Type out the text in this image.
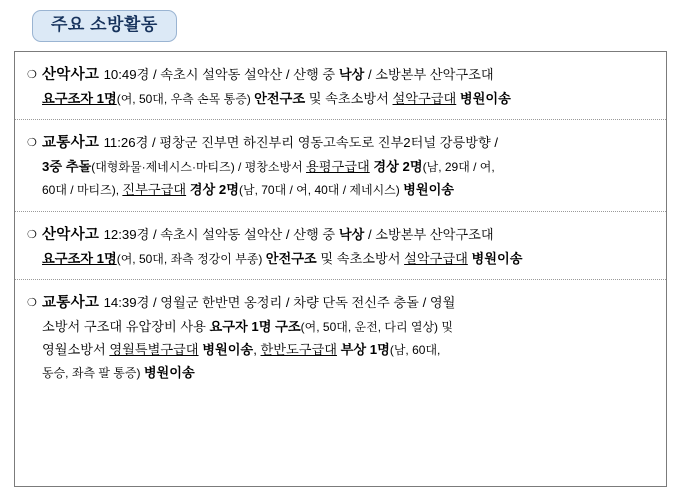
주요 소방활동
❍ 산악사고 10:49경 / 속초시 설악동 설악산 / 산행 중 낙상 / 소방본부 산악구조대
요구조자 1명(여, 50대, 우측 손목 통증) 안전구조 및 속초소방서 설악구급대 병원이송
❍ 교통사고 11:26경 / 평창군 진부면 하진부리 영동고속도로 진부2터널 강릉방향 /
3중 추돌(대형화물·제네시스·마티즈) / 평창소방서 용평구급대 경상 2명(남, 29대 / 여,
60대 / 마티즈), 진부구급대 경상 2명(남, 70대 / 여, 40대 / 제네시스) 병원이송
❍ 산악사고 12:39경 / 속초시 설악동 설악산 / 산행 중 낙상 / 소방본부 산악구조대
요구조자 1명(여, 50대, 좌측 정강이 부종) 안전구조 및 속초소방서 설악구급대 병원이송
❍ 교통사고 14:39경 / 영월군 한반면 옹정리 / 차량 단독 전신주 충돌 / 영월
소방서 구조대 유압장비 사용 요구자 1명 구조(여, 50대, 운전, 다리 열상) 및
영월소방서 영월특별구급대 병원이송, 한반도구급대 부상 1명(남, 60대,
동승, 좌측 팔 통증) 병원이송
